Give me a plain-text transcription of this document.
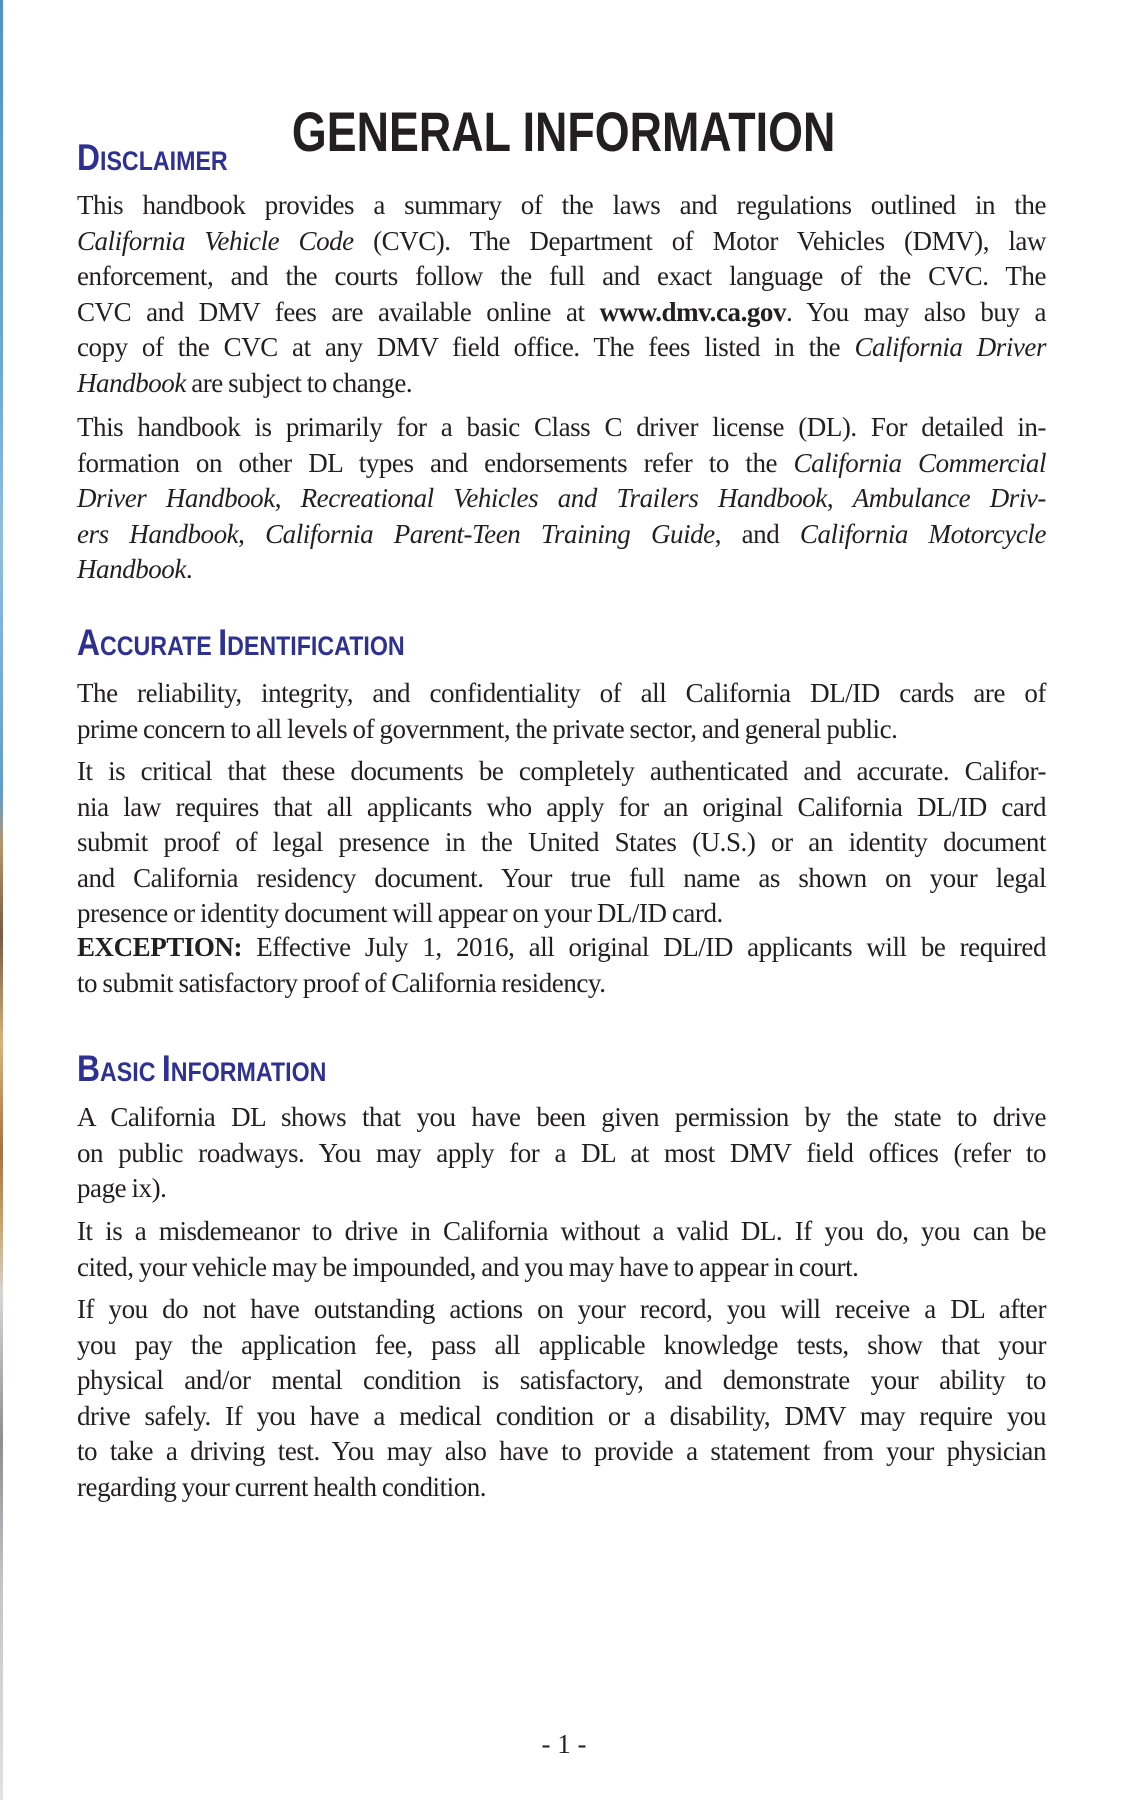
GENERAL INFORMATION
DISCLAIMER
This handbook provides a summary of the laws and regulations outlined in the
California Vehicle Code (CVC). The Department of Motor Vehicles (DMV), law
enforcement, and the courts follow the full and exact language of the CVC. The
CVC and DMV fees are available online at www.dmv.ca.gov. You may also buy a
copy of the CVC at any DMV field office. The fees listed in the California Driver
Handbook are subject to change.
This handbook is primarily for a basic Class C driver license (DL). For detailed in-
formation on other DL types and endorsements refer to the California Commercial
Driver Handbook, Recreational Vehicles and Trailers Handbook, Ambulance Driv-
ers Handbook, California Parent-Teen Training Guide, and California Motorcycle
Handbook.
ACCURATE IDENTIFICATION
The reliability, integrity, and confidentiality of all California DL/ID cards are of
prime concern to all levels of government, the private sector, and general public.
It is critical that these documents be completely authenticated and accurate. Califor-
nia law requires that all applicants who apply for an original California DL/ID card
submit proof of legal presence in the United States (U.S.) or an identity document
and California residency document. Your true full name as shown on your legal
presence or identity document will appear on your DL/ID card.
EXCEPTION: Effective July 1, 2016, all original DL/ID applicants will be required
to submit satisfactory proof of California residency.
BASIC INFORMATION
A California DL shows that you have been given permission by the state to drive
on public roadways. You may apply for a DL at most DMV field offices (refer to
page ix).
It is a misdemeanor to drive in California without a valid DL. If you do, you can be
cited, your vehicle may be impounded, and you may have to appear in court.
If you do not have outstanding actions on your record, you will receive a DL after
you pay the application fee, pass all applicable knowledge tests, show that your
physical and/or mental condition is satisfactory, and demonstrate your ability to
drive safely. If you have a medical condition or a disability, DMV may require you
to take a driving test. You may also have to provide a statement from your physician
regarding your current health condition.
- 1 -
